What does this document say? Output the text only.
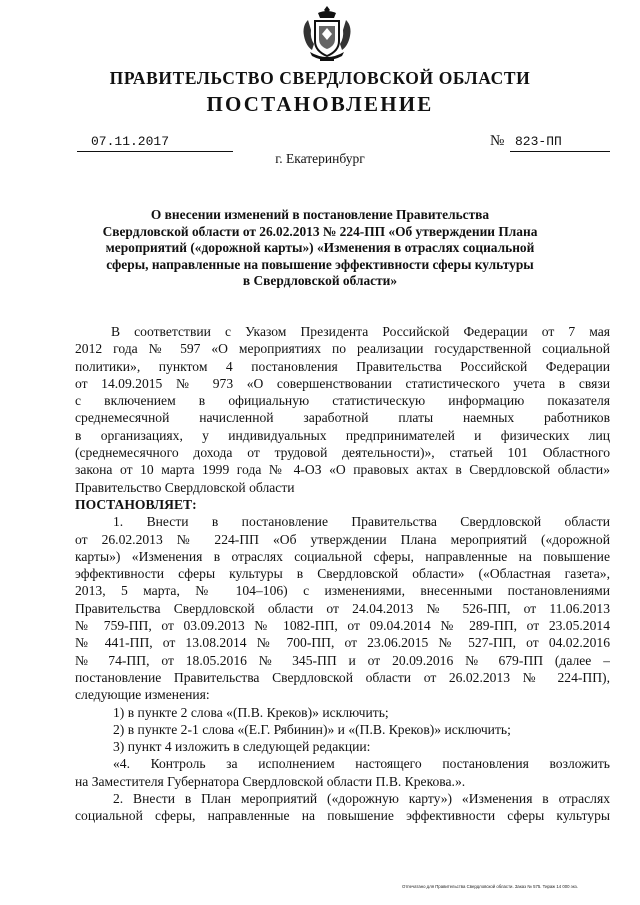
ПРАВИТЕЛЬСТВО СВЕРДЛОВСКОЙ ОБЛАСТИ
ПОСТАНОВЛЕНИЕ
07.11.2017	№ 823-ПП
г. Екатеринбург
О внесении изменений в постановление Правительства
Свердловской области от 26.02.2013 № 224-ПП «Об утверждении Плана
мероприятий («дорожной карты») «Изменения в отраслях социальной
сферы, направленные на повышение эффективности сферы культуры
в Свердловской области»
В соответствии с Указом Президента Российской Федерации от 7 мая
2012 года № 597 «О мероприятиях по реализации государственной социальной
политики», пунктом 4 постановления Правительства Российской Федерации
от 14.09.2015 № 973 «О совершенствовании статистического учета в связи
с включением в официальную статистическую информацию показателя
среднемесячной начисленной заработной платы наемных работников
в организациях, у индивидуальных предпринимателей и физических лиц
(среднемесячного дохода от трудовой деятельности)», статьей 101 Областного
закона от 10 марта 1999 года № 4-ОЗ «О правовых актах в Свердловской области»
Правительство Свердловской области
ПОСТАНОВЛЯЕТ:
1. Внести в постановление Правительства Свердловской области
от 26.02.2013 № 224-ПП «Об утверждении Плана мероприятий («дорожной
карты») «Изменения в отраслях социальной сферы, направленные на повышение
эффективности сферы культуры в Свердловской области» («Областная газета»,
2013, 5 марта, № 104–106) с изменениями, внесенными постановлениями
Правительства Свердловской области от 24.04.2013 № 526-ПП, от 11.06.2013
№ 759-ПП, от 03.09.2013 № 1082-ПП, от 09.04.2014 № 289-ПП, от 23.05.2014
№ 441-ПП, от 13.08.2014 № 700-ПП, от 23.06.2015 № 527-ПП, от 04.02.2016
№ 74-ПП, от 18.05.2016 № 345-ПП и от 20.09.2016 № 679-ПП (далее –
постановление Правительства Свердловской области от 26.02.2013 № 224-ПП),
следующие изменения:
1) в пункте 2 слова «(П.В. Креков)» исключить;
2) в пункте 2-1 слова «(Е.Г. Рябинин)» и «(П.В. Креков)» исключить;
3) пункт 4 изложить в следующей редакции:
«4. Контроль за исполнением настоящего постановления возложить
на Заместителя Губернатора Свердловской области П.В. Крекова.».
2. Внести в План мероприятий («дорожную карту») «Изменения в отраслях
социальной сферы, направленные на повышение эффективности сферы культуры
Отпечатано для Правительства Свердловской области. Заказ № 575. Тираж 14 000 экз.
